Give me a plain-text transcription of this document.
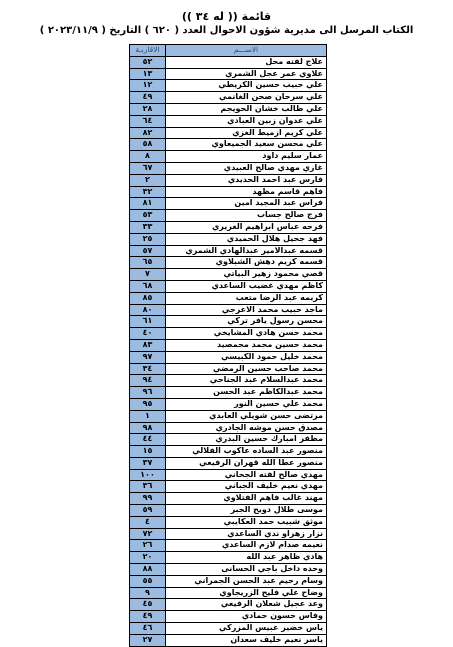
قائمة (( له ٣٤ ))
الكتاب المرسل الى مديرية شؤون الاحوال العدد ( ٦٢٠ ) التاريخ ( ٢٠٢٣/١١/٩ )
الاســـم	الاقاربـة
علاج لفته محل	٥٢
علاوي عمر عجل الشمري	١٣
علي حبيب حسين الكريطي	١٢
علي سرحان صحن الغانمي	٤٩
علي طالب خشان الحويجم	٢٨
علي عدوان زبين العبادي	٦٤
علي كريم ازميط الغزي	٨٢
علي محسن سعيد الجميعاوي	٥٨
عمار سليم داود	٨
غازي مهدي صالح العبيدي	٦٧
فارس عبد احمد الحديدي	٢
فاهم قاسم مظهد	٣٢
فراس عبد المجيد امين	٨١
فرج صالح جساب	٥٣
فرحه عباس ابراهيم الغريري	٣٣
فهد جحيل هلال الحميدي	٢٥
قسمه عبدالامير عبدالهادي الشمري	٥٧
قسمه كريم دهش الشبلاوي	٦٥
قصي محمود زهير البياتي	٧
كاظم مهدي غضيب الساعدي	٦٨
كريمه عبد الرضا متعب	٨٥
ماجد حبيب محمد الاعرجي	٨٠
محسن رسول يافر تركي	٦١
محمد حسن هادي المشايخي	٤٠
محمد حسين محمد محمصيد	٨٣
محمد خليل حمود الكبيسي	٩٧
محمد صاحب حسين الرمضي	٣٤
محمد عبدالسلام عبد الجناحي	٩٤
محمد عبدالكاظم عبد الحسن	٩٦
محمد علي حسين النور	٩٥
مرتضى حسن شويلي العابدي	١
مصدق حسن موشه الجادري	٩٨
مظفر امبارك حسين البدري	٤٤
منصور عبد الساده عاكوب الفلالي	١٥
منصور عطا الله قهران الرفيعي	٣٧
مهدي صالح لفته الجحاني	١٠٠
مهدي نعيم خليف الجباني	٣٦
مهند غالب فاهم الفتلاوي	٩٩
موسى طلال دويح الجبر	٥٩
موثق شبيب حمد العكايبي	٤
نزار زهراو ندي الساعدي	٧٢
نعيمه صدام لازم الساعدي	٢٦
هادي ظاهر عبد الله	٢٠
وحده داخل باجي الحسانى	٨٨
وسام رحيم عبد الحسن الجمراني	٥٥
وضاح علي فليح الزريجاوي	٩
وعد عجيل شعلان الرفيعي	٤٥
وفاس حسون حمادي	٤٩
ياس خضير عبيس المزركي	٤٦
ياسر نعيم خليف سعدان	٢٧
